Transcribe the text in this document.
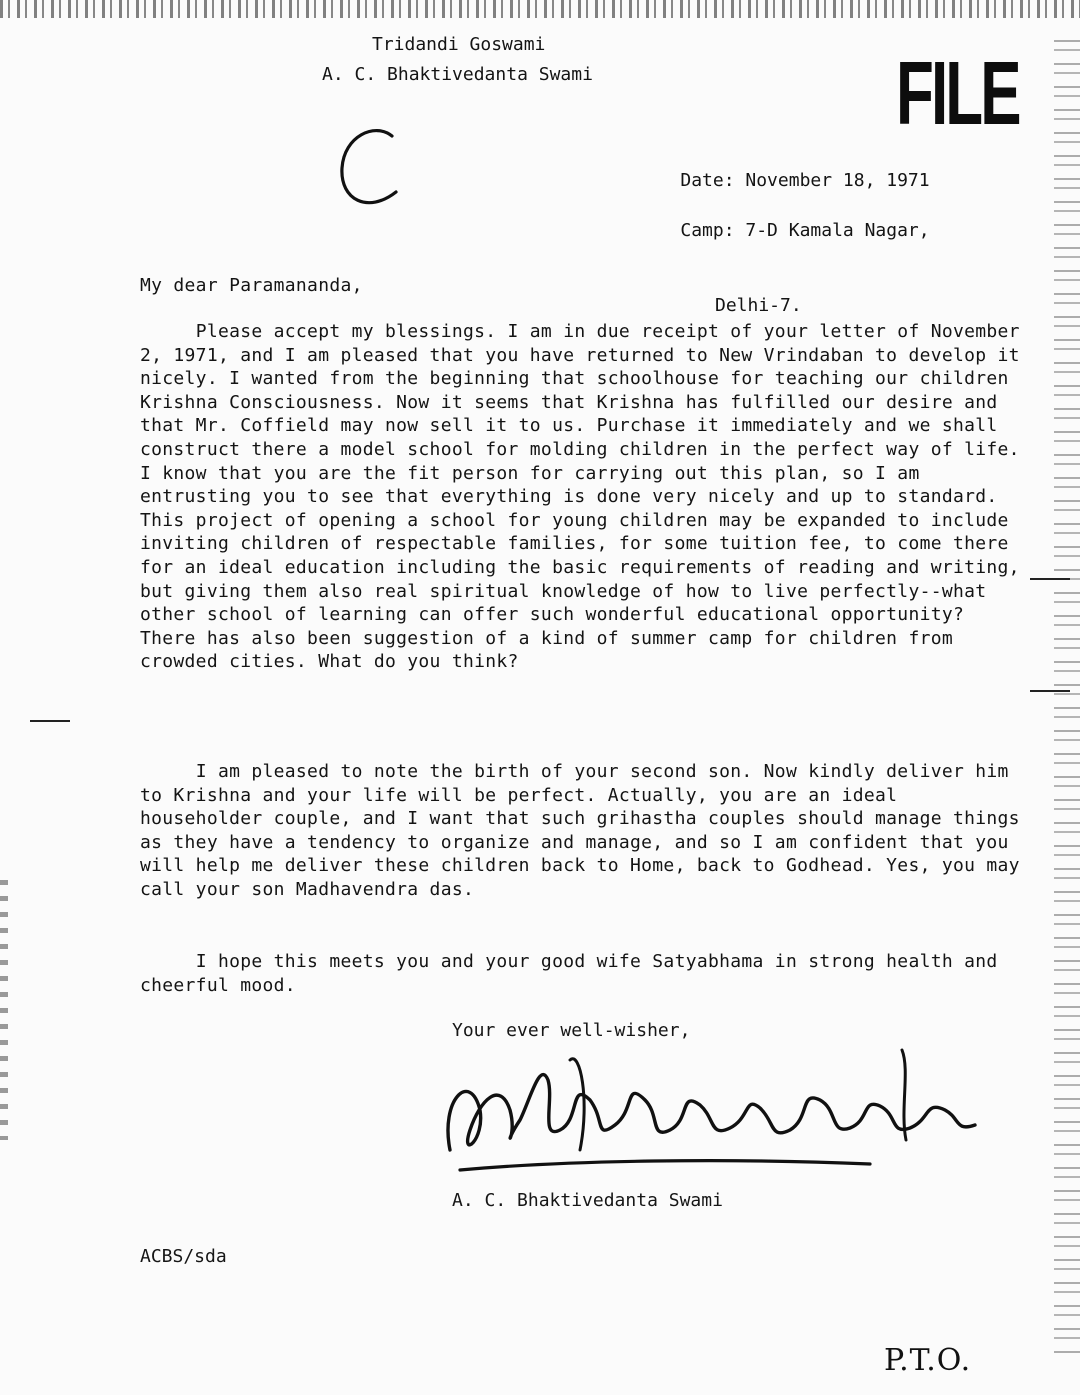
Tridandi Goswami
A. C. Bhaktivedanta Swami	FILE

Date: November 18, 1971

Camp: 7-D Kamala Nagar,

Delhi-7.

My dear Paramananda,

Please accept my blessings. I am in due receipt of your letter of November 2, 1971, and I am pleased that you have returned to New Vrindaban to develop it nicely. I wanted from the beginning that schoolhouse for teaching our children Krishna Consciousness. Now it seems that Krishna has fulfilled our desire and that Mr. Coffield may now sell it to us. Purchase it immediately and we shall construct there a model school for molding children in the perfect way of life. I know that you are the fit person for carrying out this plan, so I am entrusting you to see that everything is done very nicely and up to standard. This project of opening a school for young children may be expanded to include inviting children of respectable families, for some tuition fee, to come there for an ideal education including the basic requirements of reading and writing, but giving them also real spiritual knowledge of how to live perfectly--what other school of learning can offer such wonderful educational opportunity? There has also been suggestion of a kind of summer camp for children from crowded cities. What do you think?

I am pleased to note the birth of your second son. Now kindly deliver him to Krishna and your life will be perfect. Actually, you are an ideal householder couple, and I want that such grihastha couples should manage things as they have a tendency to organize and manage, and so I am confident that you will help me deliver these children back to Home, back to Godhead. Yes, you may call your son Madhavendra das.

I hope this meets you and your good wife Satyabhama in strong health and cheerful mood.

Your ever well-wisher,
A. C. Bhaktivedanta Swami
ACBS/sda
P.T.O.
